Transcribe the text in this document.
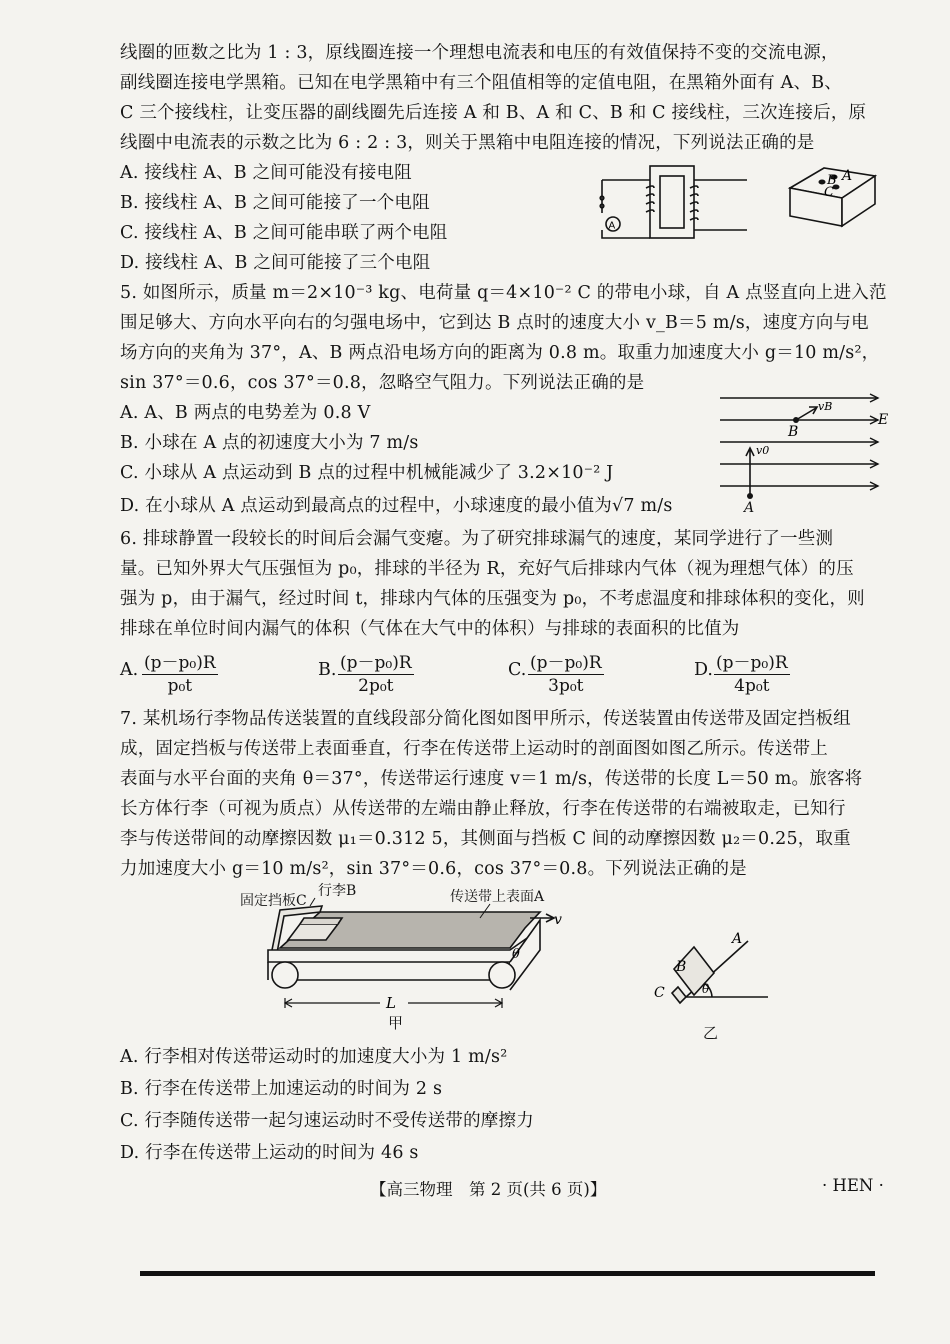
线圈的匝数之比为 1 : 3，原线圈连接一个理想电流表和电压的有效值保持不变的交流电源，
副线圈连接电学黑箱。已知在电学黑箱中有三个阻值相等的定值电阻，在黑箱外面有 A、B、
C 三个接线柱，让变压器的副线圈先后连接 A 和 B、A 和 C、B 和 C 接线柱，三次连接后，原
线圈中电流表的示数之比为 6 : 2 : 3，则关于黑箱中电阻连接的情况，下列说法正确的是
A. 接线柱 A、B 之间可能没有接电阻
B. 接线柱 A、B 之间可能接了一个电阻
C. 接线柱 A、B 之间可能串联了两个电阻
D. 接线柱 A、B 之间可能接了三个电阻
A
A
B
C
5. 如图所示，质量 m＝2×10⁻³ kg、电荷量 q＝4×10⁻² C 的带电小球，自 A 点竖直向上进入范
围足够大、方向水平向右的匀强电场中，它到达 B 点时的速度大小 v_B＝5 m/s，速度方向与电
场方向的夹角为 37°，A、B 两点沿电场方向的距离为 0.8 m。取重力加速度大小 g＝10 m/s²，
sin 37°＝0.6，cos 37°＝0.8，忽略空气阻力。下列说法正确的是
A. A、B 两点的电势差为 0.8 V
B. 小球在 A 点的初速度大小为 7 m/s
C. 小球从 A 点运动到 B 点的过程中机械能减少了 3.2×10⁻² J
D. 在小球从 A 点运动到最高点的过程中，小球速度的最小值为√7 m/s
vB
B
E
v0
A
6. 排球静置一段较长的时间后会漏气变瘪。为了研究排球漏气的速度，某同学进行了一些测
量。已知外界大气压强恒为 p₀，排球的半径为 R，充好气后排球内气体（视为理想气体）的压
强为 p，由于漏气，经过时间 t，排球内气体的压强变为 p₀，不考虑温度和排球体积的变化，则
排球在单位时间内漏气的体积（气体在大气中的体积）与排球的表面积的比值为
A. $\frac{\text{(p－p₀)R}}{\text{p₀t}}$	B. $\frac{\text{(p－p₀)R}}{\text{2p₀t}}$	C. $\frac{\text{(p－p₀)R}}{\text{3p₀t}}$	D. $\frac{\text{(p－p₀)R}}{\text{4p₀t}}$
7. 某机场行李物品传送装置的直线段部分简化图如图甲所示，传送装置由传送带及固定挡板组
成，固定挡板与传送带上表面垂直，行李在传送带上运动时的剖面图如图乙所示。传送带上
表面与水平台面的夹角 θ＝37°，传送带运行速度 v＝1 m/s，传送带的长度 L＝50 m。旅客将
长方体行李（可视为质点）从传送带的左端由静止释放，行李在传送带的右端被取走，已知行
李与传送带间的动摩擦因数 μ₁＝0.312 5，其侧面与挡板 C 间的动摩擦因数 μ₂＝0.25，取重
力加速度大小 g＝10 m/s²，sin 37°＝0.6，cos 37°＝0.8。下列说法正确的是
v
θ
L
固定挡板C
行李B	传送带上表面A
甲
B
C	θ
A
乙
A. 行李相对传送带运动时的加速度大小为 1 m/s²
B. 行李在传送带上加速运动的时间为 2 s
C. 行李随传送带一起匀速运动时不受传送带的摩擦力
D. 行李在传送带上运动的时间为 46 s
【高三物理　第 2 页(共 6 页)】	· HEN ·
